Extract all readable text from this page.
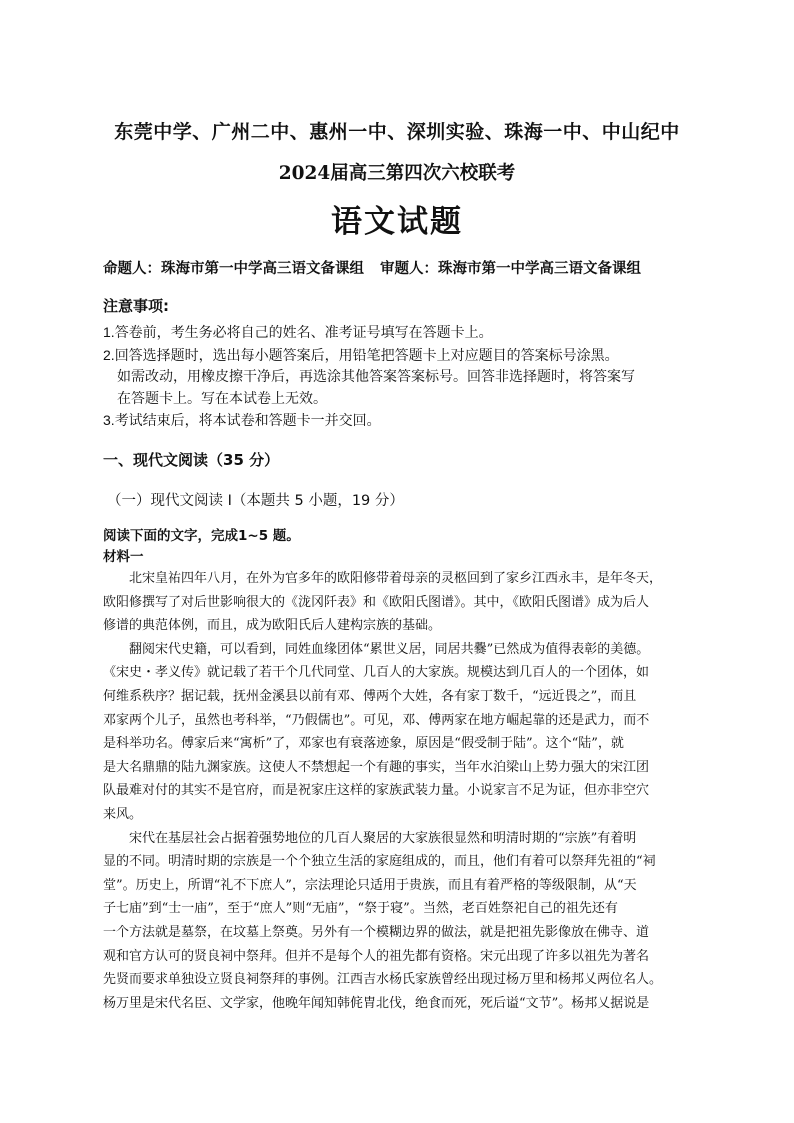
东莞中学、广州二中、惠州一中、深圳实验、珠海一中、中山纪中
2024届高三第四次六校联考
语文试题
命题人：珠海市第一中学高三语文备课组 审题人：珠海市第一中学高三语文备课组
注意事项:
1.答卷前，考生务必将自己的姓名、准考证号填写在答题卡上。
2.回答选择题时，选出每小题答案后，用铅笔把答题卡上对应题目的答案标号涂黑。
如需改动，用橡皮擦干净后，再选涂其他答案答案标号。回答非选择题时，将答案写
在答题卡上。写在本试卷上无效。
3.考试结束后，将本试卷和答题卡一并交回。
一、现代文阅读（35 分）
（一）现代文阅读 I（本题共 5 小题，19 分）
阅读下面的文字，完成1~5 题。
材料一
北宋皇祐四年八月，在外为官多年的欧阳修带着母亲的灵柩回到了家乡江西永丰，是年冬天，
欧阳修撰写了对后世影响很大的《泷冈阡表》和《欧阳氏图谱》。其中，《欧阳氏图谱》成为后人
修谱的典范体例，而且，成为欧阳氏后人建构宗族的基础。
翻阅宋代史籍，可以看到，同姓血缘团体“累世义居，同居共爨”已然成为值得表彰的美德。
《宋史・孝义传》就记载了若干个几代同堂、几百人的大家族。规模达到几百人的一个团体，如
何维系秩序？据记载，抚州金溪县以前有邓、傅两个大姓，各有家丁数千，“远近畏之”，而且
邓家两个儿子，虽然也考科举，“乃假儒也”。可见，邓、傅两家在地方崛起靠的还是武力，而不
是科举功名。傅家后来“寓析”了，邓家也有衰落迹象，原因是“假受制于陆”。这个“陆”，就
是大名鼎鼎的陆九渊家族。这使人不禁想起一个有趣的事实，当年水泊梁山上势力强大的宋江团
队最难对付的其实不是官府，而是祝家庄这样的家族武装力量。小说家言不足为证，但亦非空穴
来风。
宋代在基层社会占据着强势地位的几百人聚居的大家族很显然和明清时期的“宗族”有着明
显的不同。明清时期的宗族是一个个独立生活的家庭组成的，而且，他们有着可以祭拜先祖的“祠
堂”。历史上，所谓“礼不下庶人”，宗法理论只适用于贵族，而且有着严格的等级限制，从“天
子七庙”到“士一庙”，至于“庶人”则“无庙”，“祭于寝”。当然，老百姓祭祀自己的祖先还有
一个方法就是墓祭，在坟墓上祭奠。另外有一个模糊边界的做法，就是把祖先影像放在佛寺、道
观和官方认可的贤良祠中祭拜。但并不是每个人的祖先都有资格。宋元出现了许多以祖先为著名
先贤而要求单独设立贤良祠祭拜的事例。江西吉水杨氏家族曾经出现过杨万里和杨邦乂两位名人。
杨万里是宋代名臣、文学家，他晚年闻知韩侂胄北伐，绝食而死，死后谥“文节”。杨邦乂据说是
